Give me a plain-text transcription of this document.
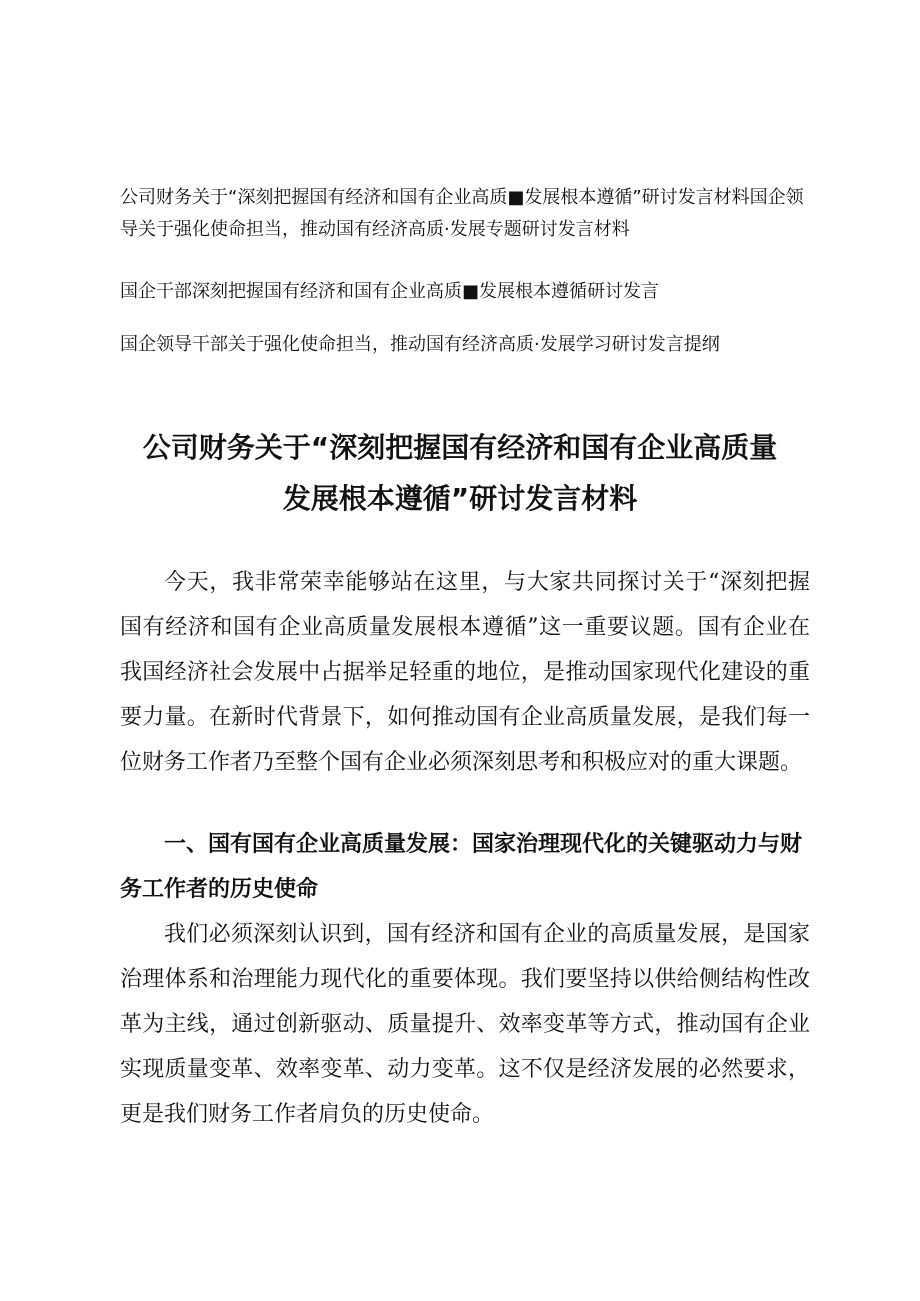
公司财务关于“深刻把握国有经济和国有企业高质■发展根本遵循”研讨发言材料国企领导关于强化使命担当，推动国有经济高质·发展专题研讨发言材料

国企干部深刻把握国有经济和国有企业高质■发展根本遵循研讨发言

国企领导干部关于强化使命担当，推动国有经济高质·发展学习研讨发言提纲

公司财务关于“深刻把握国有经济和国有企业高质量发展根本遵循”研讨发言材料

今天，我非常荣幸能够站在这里，与大家共同探讨关于“深刻把握国有经济和国有企业高质量发展根本遵循”这一重要议题。国有企业在我国经济社会发展中占据举足轻重的地位，是推动国家现代化建设的重要力量。在新时代背景下，如何推动国有企业高质量发展，是我们每一位财务工作者乃至整个国有企业必须深刻思考和积极应对的重大课题。

一、国有国有企业高质量发展：国家治理现代化的关键驱动力与财务工作者的历史使命

我们必须深刻认识到，国有经济和国有企业的高质量发展，是国家治理体系和治理能力现代化的重要体现。我们要坚持以供给侧结构性改革为主线，通过创新驱动、质量提升、效率变革等方式，推动国有企业实现质量变革、效率变革、动力变革。这不仅是经济发展的必然要求，更是我们财务工作者肩负的历史使命。
